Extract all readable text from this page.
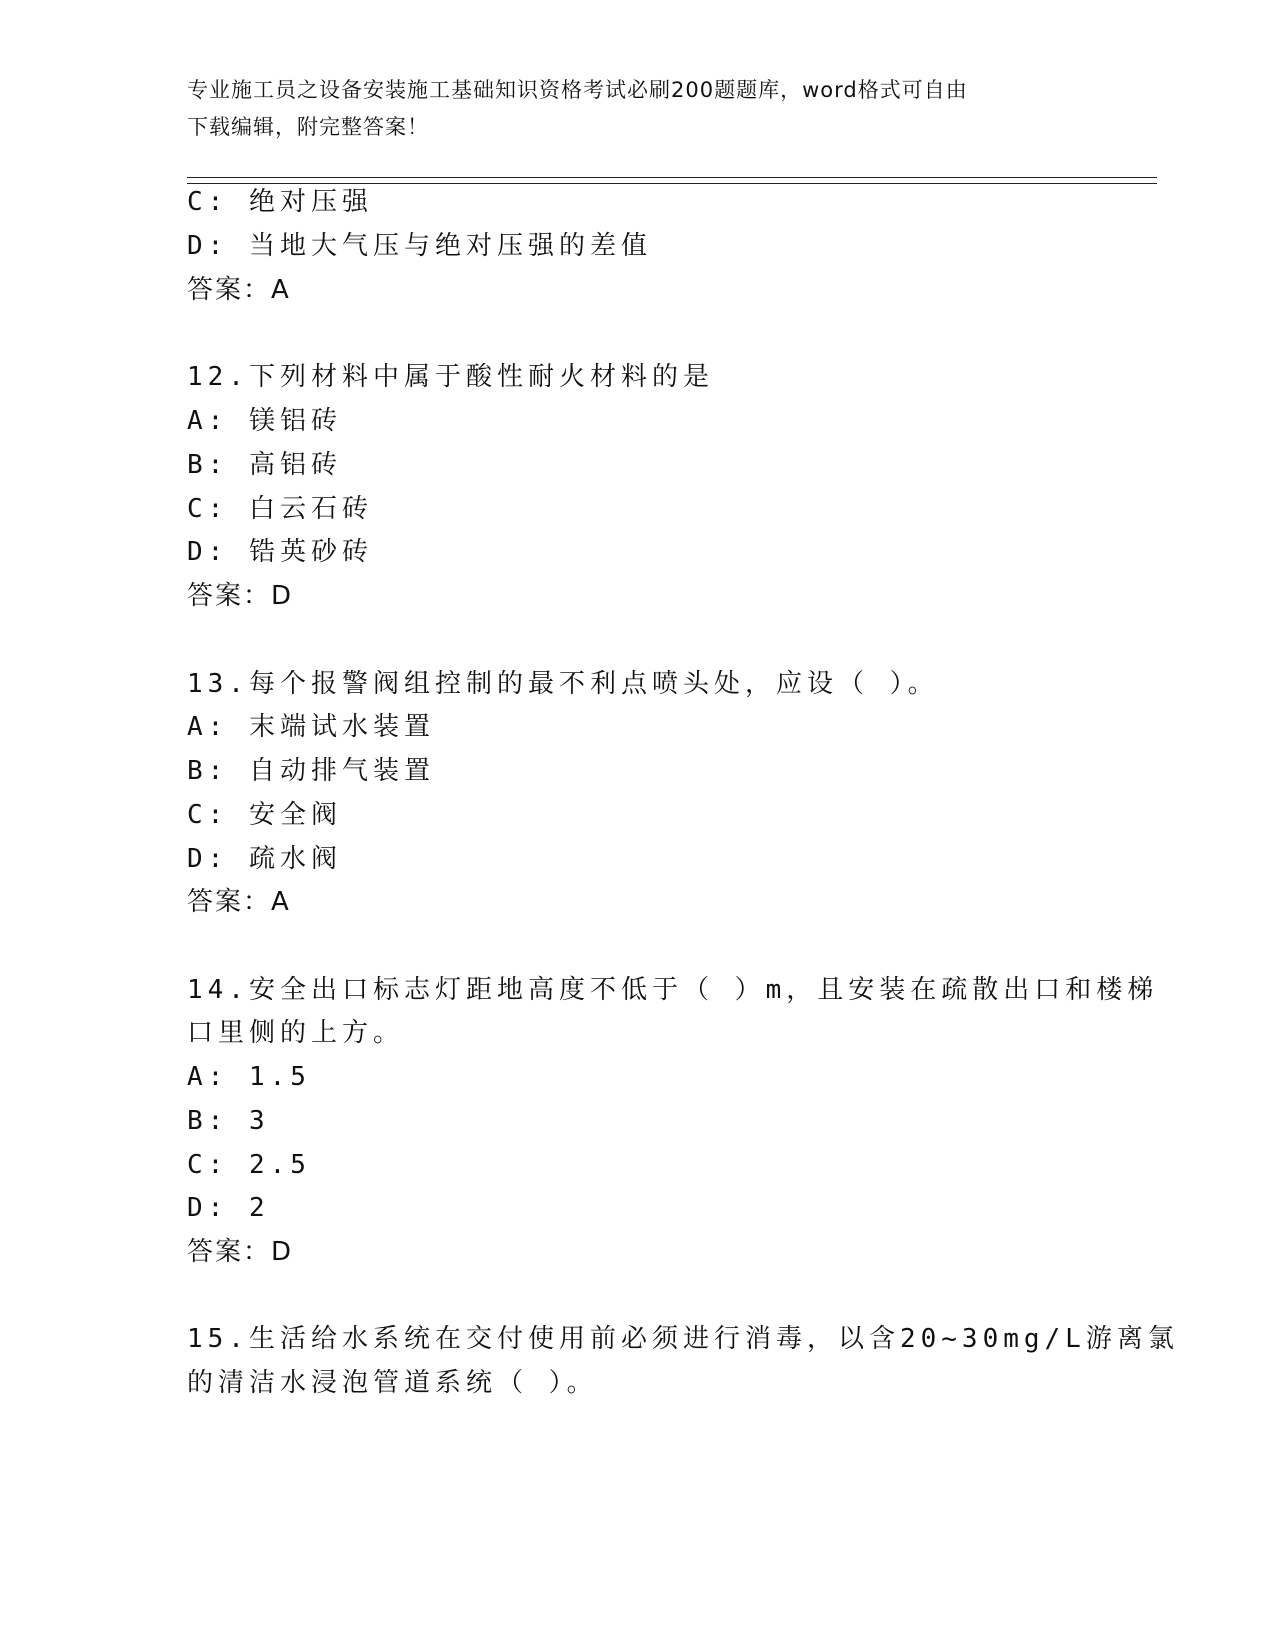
专业施工员之设备安装施工基础知识资格考试必刷200题题库，word格式可自由
下载编辑，附完整答案！
C: 绝对压强
D: 当地大气压与绝对压强的差值
答案：A
12.下列材料中属于酸性耐火材料的是
A: 镁铝砖
B: 高铝砖
C: 白云石砖
D: 锆英砂砖
答案：D
13.每个报警阀组控制的最不利点喷头处，应设（ ）。
A: 末端试水装置
B: 自动排气装置
C: 安全阀
D: 疏水阀
答案：A
14.安全出口标志灯距地高度不低于（ ）m，且安装在疏散出口和楼梯
口里侧的上方。
A: 1.5
B: 3
C: 2.5
D: 2
答案：D
15.生活给水系统在交付使用前必须进行消毒，以含20~30mg/L游离氯
的清洁水浸泡管道系统（ ）。
